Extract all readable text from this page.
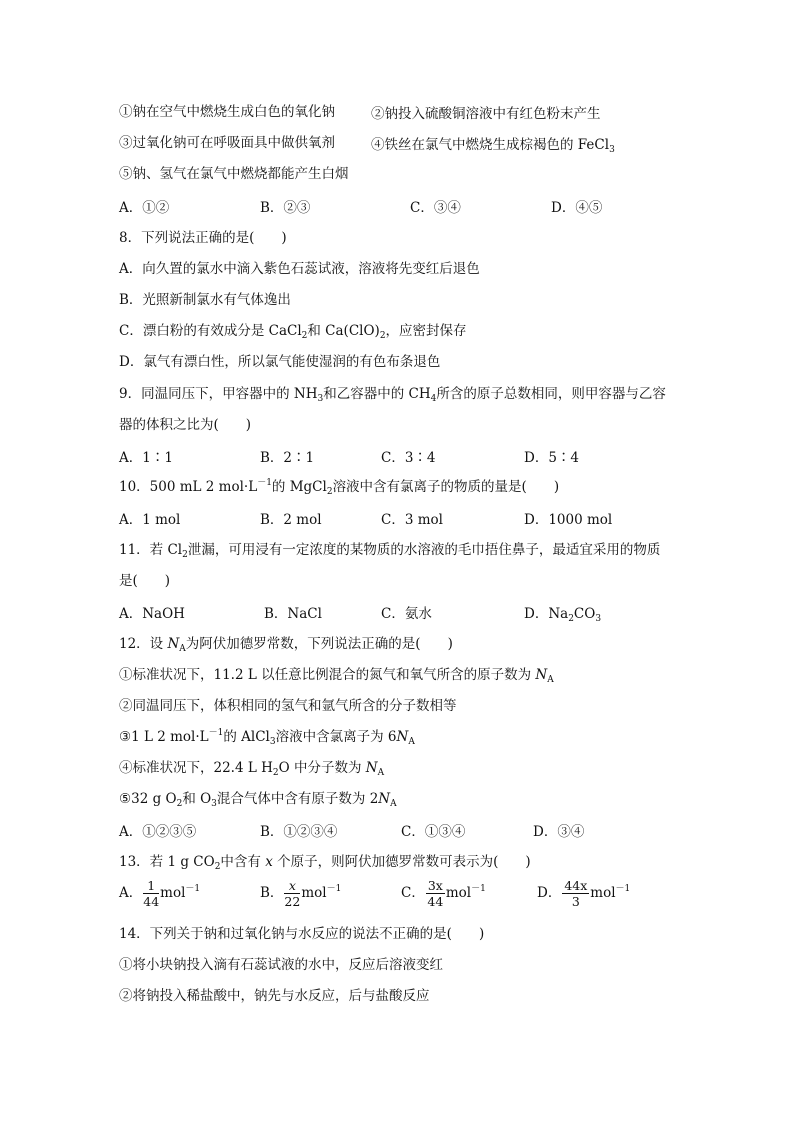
①钠在空气中燃烧生成白色的氧化钠	②钠投入硫酸铜溶液中有红色粉末产生
③过氧化钠可在呼吸面具中做供氧剂	④铁丝在氯气中燃烧生成棕褐色的 FeCl$_3$
⑤钠、氢气在氯气中燃烧都能产生白烟
A．①②	B．②③	C．③④	D．④⑤
8．下列说法正确的是(　　)
A．向久置的氯水中滴入紫色石蕊试液，溶液将先变红后退色
B．光照新制氯水有气体逸出
C．漂白粉的有效成分是 CaCl$_2$和 $Ca(ClO)_2$，应密封保存
D．氯气有漂白性，所以氯气能使湿润的有色布条退色
9．同温同压下，甲容器中的 $NH_3$和乙容器中的 $CH_4$所含的原子总数相同，则甲容器与乙容
器的体积之比为(　　)
A．1∶1	B．2∶1	C．3∶4	D．5∶4
10．500 mL 2 $mol\cdot L^{-1}$的 MgCl$_2$溶液中含有氯离子的物质的量是(　　)
A．1 mol	B．2 mol	C．3 mol	D．1000 mol
11．若 $Cl_2$泄漏，可用浸有一定浓度的某物质的水溶液的毛巾捂住鼻子，最适宜采用的物质
是(　　)
A．NaOH	B．NaCl	C．氨水	D．$Na_2CO_3$
12．设 $N_A$为阿伏加德罗常数，下列说法正确的是(　　)
①标准状况下，11.2 L 以任意比例混合的氮气和氧气所含的原子数为 $N_A$
②同温同压下，体积相同的氢气和氩气所含的分子数相等
③1 L 2 $mol\cdot L^{-1}$的 AlCl$_3$溶液中含氯离子为 $6N_A$
④标准状况下，22.4 L $H_2O$ 中分子数为 $N_A$
⑤32 g $O_2$和 $O_3$混合气体中含有原子数为 $2N_A$
A．①②③⑤	B．①②③④	C．①③④	D．③④
13．若 1 g $CO_2$中含有 x 个原子，则阿伏加德罗常数可表示为(　　)
A． $\frac{1}{44} mol^{-1}$	B． $\frac{x}{22} mol^{-1}$	C． $\frac{3x}{44} mol^{-1}$	D． $\frac{44x}{3} mol^{-1}$
14．下列关于钠和过氧化钠与水反应的说法不正确的是(　　)
①将小块钠投入滴有石蕊试液的水中，反应后溶液变红
②将钠投入稀盐酸中，钠先与水反应，后与盐酸反应
